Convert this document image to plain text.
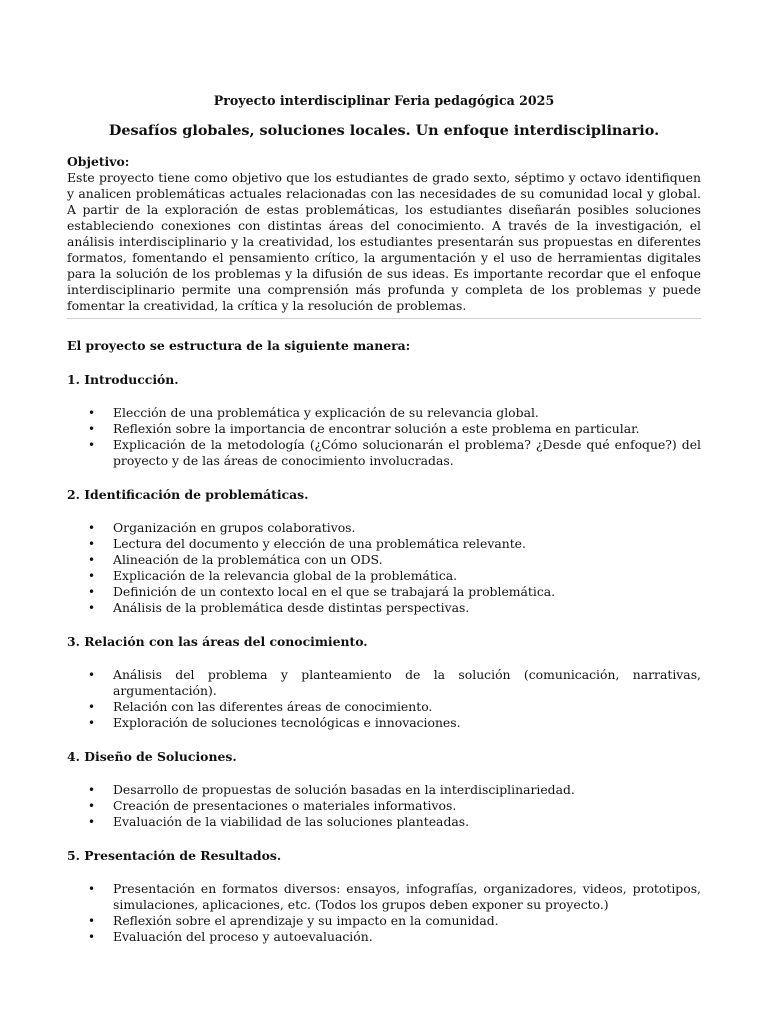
Proyecto interdisciplinar Feria pedagógica 2025
Desafíos globales, soluciones locales. Un enfoque interdisciplinario.
Objetivo:
Este proyecto tiene como objetivo que los estudiantes de grado sexto, séptimo y octavo identifiquen y analicen problemáticas actuales relacionadas con las necesidades de su comunidad local y global. A partir de la exploración de estas problemáticas, los estudiantes diseñarán posibles soluciones estableciendo conexiones con distintas áreas del conocimiento. A través de la investigación, el análisis interdisciplinario y la creatividad, los estudiantes presentarán sus propuestas en diferentes formatos, fomentando el pensamiento crítico, la argumentación y el uso de herramientas digitales para la solución de los problemas y la difusión de sus ideas. Es importante recordar que el enfoque interdisciplinario permite una comprensión más profunda y completa de los problemas y puede fomentar la creatividad, la crítica y la resolución de problemas.

El proyecto se estructura de la siguiente manera:

1. Introducción.

• Elección de una problemática y explicación de su relevancia global.
• Reflexión sobre la importancia de encontrar solución a este problema en particular.
• Explicación de la metodología (¿Cómo solucionarán el problema? ¿Desde qué enfoque?) del proyecto y de las áreas de conocimiento involucradas.

2. Identificación de problemáticas.

• Organización en grupos colaborativos.
• Lectura del documento y elección de una problemática relevante.
• Alineación de la problemática con un ODS.
• Explicación de la relevancia global de la problemática.
• Definición de un contexto local en el que se trabajará la problemática.
• Análisis de la problemática desde distintas perspectivas.

3. Relación con las áreas del conocimiento.

• Análisis del problema y planteamiento de la solución (comunicación, narrativas, argumentación).
• Relación con las diferentes áreas de conocimiento.
• Exploración de soluciones tecnológicas e innovaciones.

4. Diseño de Soluciones.

• Desarrollo de propuestas de solución basadas en la interdisciplinariedad.
• Creación de presentaciones o materiales informativos.
• Evaluación de la viabilidad de las soluciones planteadas.

5. Presentación de Resultados.

• Presentación en formatos diversos: ensayos, infografías, organizadores, videos, prototipos, simulaciones, aplicaciones, etc. (Todos los grupos deben exponer su proyecto.)
• Reflexión sobre el aprendizaje y su impacto en la comunidad.
• Evaluación del proceso y autoevaluación.
